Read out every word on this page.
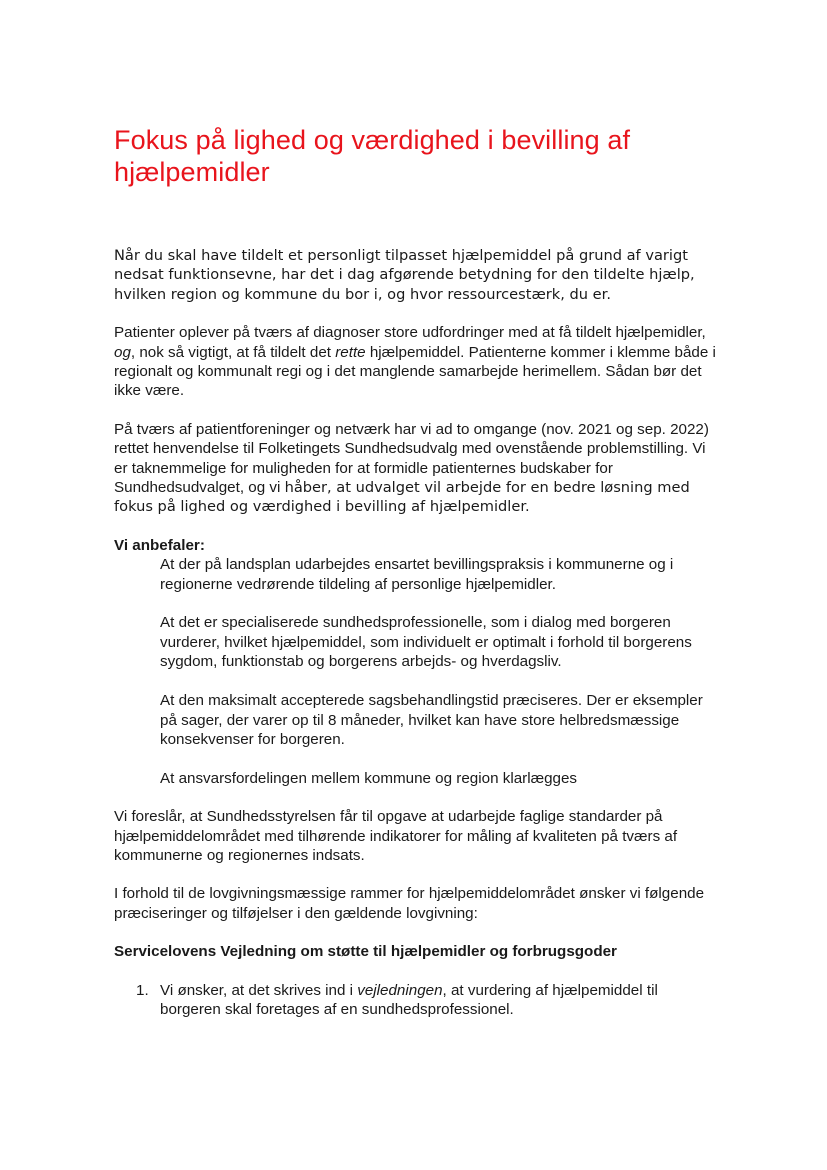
Fokus på lighed og værdighed i bevilling af hjælpemidler

Når du skal have tildelt et personligt tilpasset hjælpemiddel på grund af varigt nedsat funktionsevne, har det i dag afgørende betydning for den tildelte hjælp, hvilken region og kommune du bor i, og hvor ressourcestærk, du er.

Patienter oplever på tværs af diagnoser store udfordringer med at få tildelt hjælpemidler, og, nok så vigtigt, at få tildelt det rette hjælpemiddel. Patienterne kommer i klemme både i regionalt og kommunalt regi og i det manglende samarbejde herimellem. Sådan bør det ikke være.

På tværs af patientforeninger og netværk har vi ad to omgange (nov. 2021 og sep. 2022) rettet henvendelse til Folketingets Sundhedsudvalg med ovenstående problemstilling. Vi er taknemmelige for muligheden for at formidle patienternes budskaber for Sundhedsudvalget, og vi håber, at udvalget vil arbejde for en bedre løsning med fokus på lighed og værdighed i bevilling af hjælpemidler.

Vi anbefaler:

At der på landsplan udarbejdes ensartet bevillingspraksis i kommunerne og i regionerne vedrørende tildeling af personlige hjælpemidler.
At det er specialiserede sundhedsprofessionelle, som i dialog med borgeren vurderer, hvilket hjælpemiddel, som individuelt er optimalt i forhold til borgerens sygdom, funktionstab og borgerens arbejds- og hverdagsliv.
At den maksimalt accepterede sagsbehandlingstid præciseres. Der er eksempler på sager, der varer op til 8 måneder, hvilket kan have store helbredsmæssige konsekvenser for borgeren.
At ansvarsfordelingen mellem kommune og region klarlægges

Vi foreslår, at Sundhedsstyrelsen får til opgave at udarbejde faglige standarder på hjælpemiddelområdet med tilhørende indikatorer for måling af kvaliteten på tværs af kommunerne og regionernes indsats.

I forhold til de lovgivningsmæssige rammer for hjælpemiddelområdet ønsker vi følgende præciseringer og tilføjelser i den gældende lovgivning:

Servicelovens Vejledning om støtte til hjælpemidler og forbrugsgoder

1. Vi ønsker, at det skrives ind i vejledningen, at vurdering af hjælpemiddel til borgeren skal foretages af en sundhedsprofessionel.
